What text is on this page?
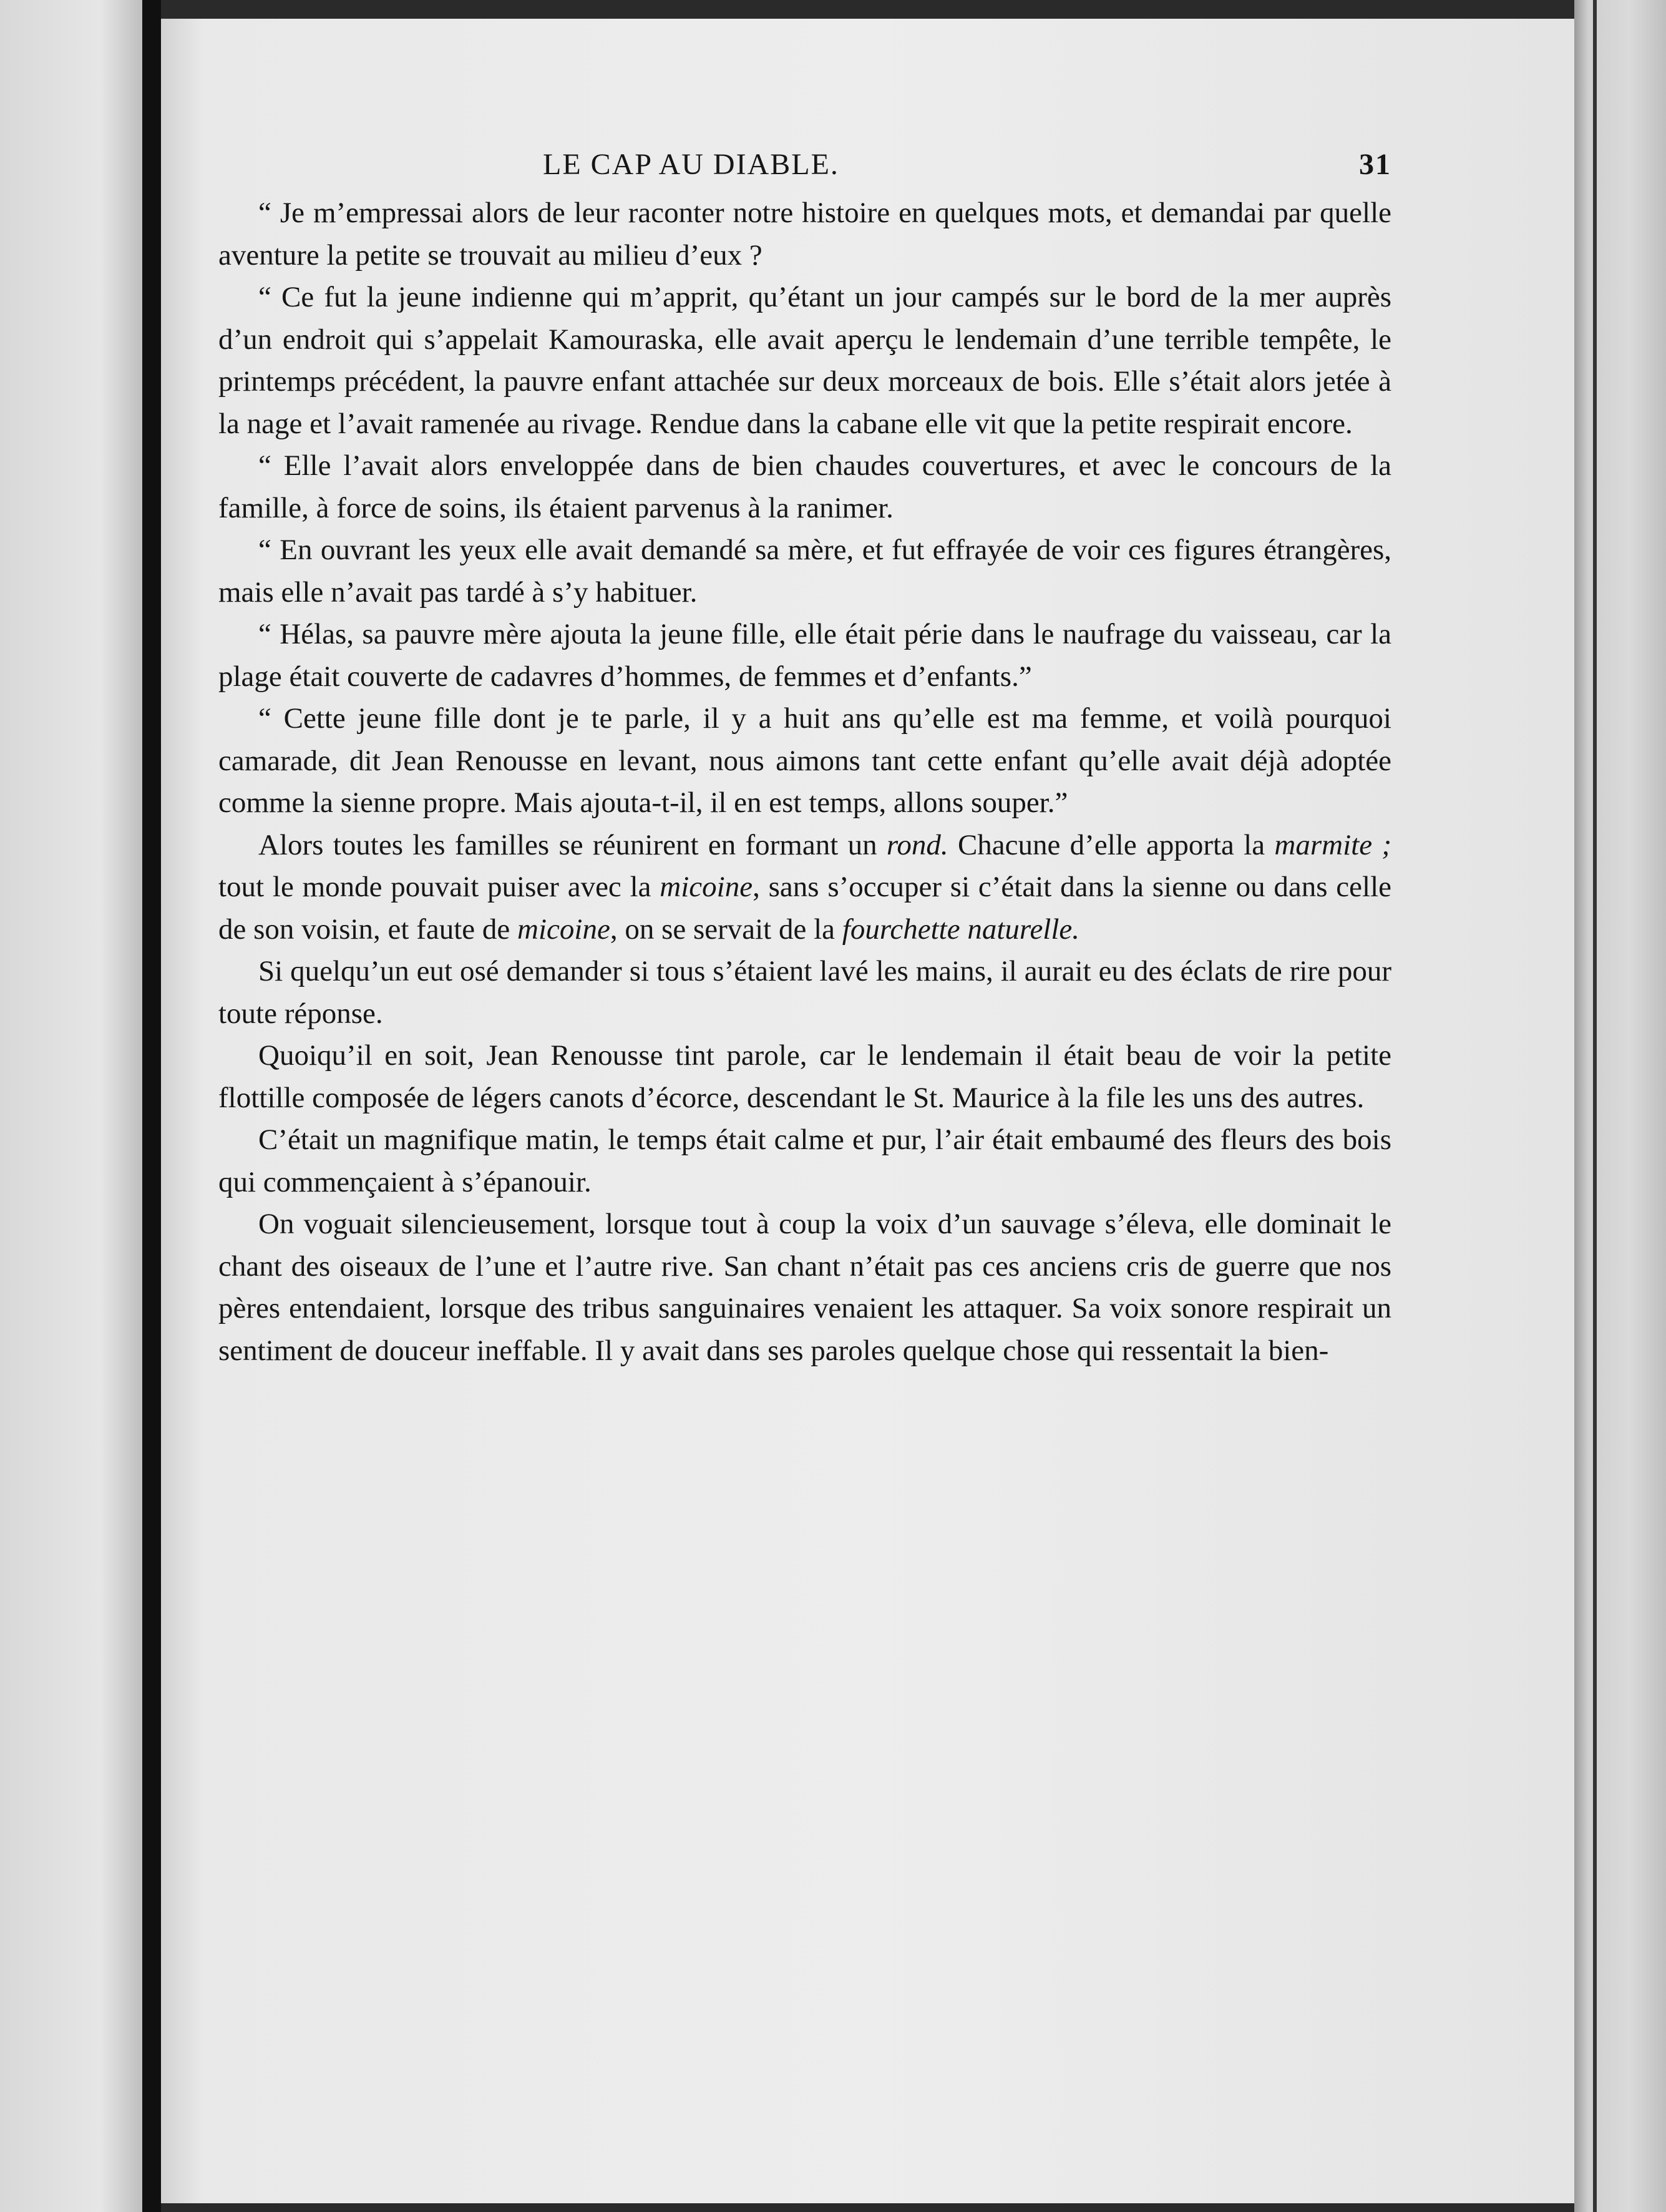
LE CAP AU DIABLE.	31

“ Je m’empressai alors de leur raconter notre histoire en quelques mots, et demandai par quelle aventure la petite se trouvait au milieu d’eux ?

“ Ce fut la jeune indienne qui m’apprit, qu’étant un jour campés sur le bord de la mer auprès d’un endroit qui s’appelait Kamouraska, elle avait aperçu le lendemain d’une terrible tempête, le printemps précédent, la pauvre enfant attachée sur deux morceaux de bois. Elle s’était alors jetée à la nage et l’avait ramenée au rivage. Rendue dans la cabane elle vit que la petite respirait encore.

“ Elle l’avait alors enveloppée dans de bien chaudes couvertures, et avec le concours de la famille, à force de soins, ils étaient parvenus à la ranimer.

“ En ouvrant les yeux elle avait demandé sa mère, et fut effrayée de voir ces figures étrangères, mais elle n’avait pas tardé à s’y habituer.

“ Hélas, sa pauvre mère ajouta la jeune fille, elle était périe dans le naufrage du vaisseau, car la plage était couverte de cadavres d’hommes, de femmes et d’enfants.”

“ Cette jeune fille dont je te parle, il y a huit ans qu’elle est ma femme, et voilà pourquoi camarade, dit Jean Renousse en levant, nous aimons tant cette enfant qu’elle avait déjà adoptée comme la sienne propre. Mais ajouta-t-il, il en est temps, allons souper.”

Alors toutes les familles se réunirent en formant un rond. Chacune d’elle apporta la marmite ; tout le monde pouvait puiser avec la micoine, sans s’occuper si c’était dans la sienne ou dans celle de son voisin, et faute de micoine, on se servait de la fourchette naturelle.

Si quelqu’un eut osé demander si tous s’étaient lavé les mains, il aurait eu des éclats de rire pour toute réponse.

Quoiqu’il en soit, Jean Renousse tint parole, car le lendemain il était beau de voir la petite flottille composée de légers canots d’écorce, descendant le St. Maurice à la file les uns des autres.

C’était un magnifique matin, le temps était calme et pur, l’air était embaumé des fleurs des bois qui commençaient à s’épanouir.

On voguait silencieusement, lorsque tout à coup la voix d’un sauvage s’éleva, elle dominait le chant des oiseaux de l’une et l’autre rive. San chant n’était pas ces anciens cris de guerre que nos pères entendaient, lorsque des tribus sanguinaires venaient les attaquer. Sa voix sonore respirait un sentiment de douceur ineffable. Il y avait dans ses paroles quelque chose qui ressentait la bien-
